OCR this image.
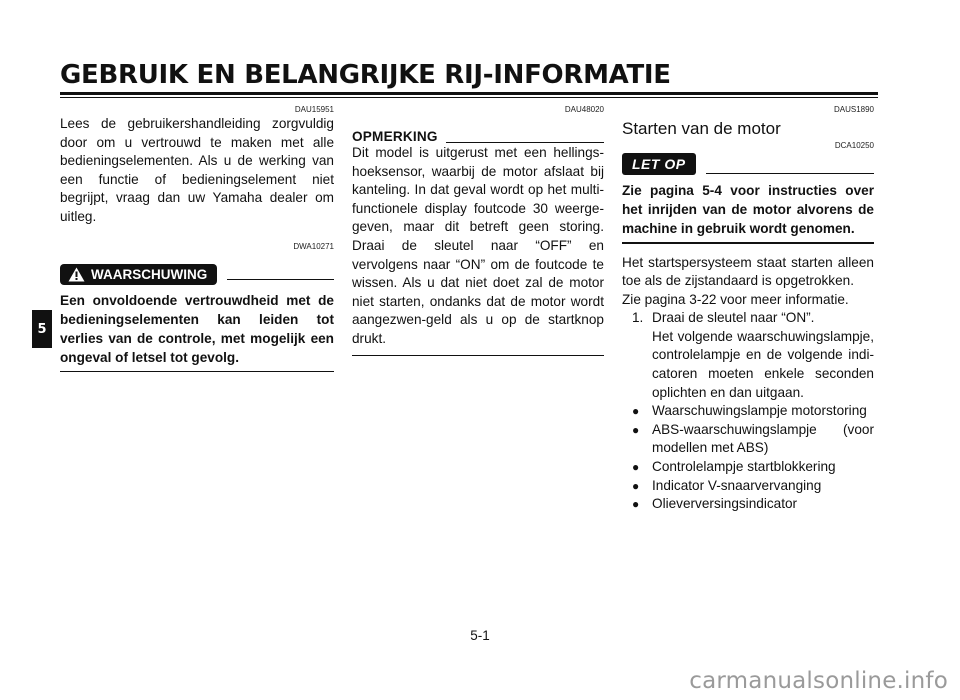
GEBRUIK EN BELANGRIJKE RIJ-INFORMATIE
5
DAU15951
Lees de gebruikershandleiding zorgvuldig door om u vertrouwd te maken met alle bedieningselementen. Als u de werking van een functie of bedieningselement niet begrijpt, vraag dan uw Yamaha dealer om uitleg.
DWA10271
WAARSCHUWING
Een onvoldoende vertrouwdheid met de bedieningselementen kan leiden tot verlies van de controle, met mogelijk een ongeval of letsel tot gevolg.
DAU48020
OPMERKING
Dit model is uitgerust met een hellings-hoeksensor, waarbij de motor afslaat bij kanteling. In dat geval wordt op het multi-functionele display foutcode 30 weerge-geven, maar dit betreft geen storing. Draai de sleutel naar “OFF” en vervolgens naar “ON” om de foutcode te wissen. Als u dat niet doet zal de motor niet starten, ondanks dat de motor wordt aangezwen-geld als u op de startknop drukt.
DAUS1890
Starten van de motor
DCA10250
LET OP
Zie pagina 5-4 voor instructies over het inrijden van de motor alvorens de machine in gebruik wordt genomen.
Het startspersysteem staat starten alleen toe als de zijstandaard is opgetrokken.
Zie pagina 3-22 voor meer informatie.
1. Draai de sleutel naar “ON”.
Het volgende waarschuwingslampje, controlelampje en de volgende indi-catoren moeten enkele seconden oplichten en dan uitgaan.
● Waarschuwingslampje motorstoring
● ABS-waarschuwingslampje (voor modellen met ABS)
● Controlelampje startblokkering
● Indicator V-snaarvervanging
● Olieverversingsindicator
5-1
carmanualsonline.info
